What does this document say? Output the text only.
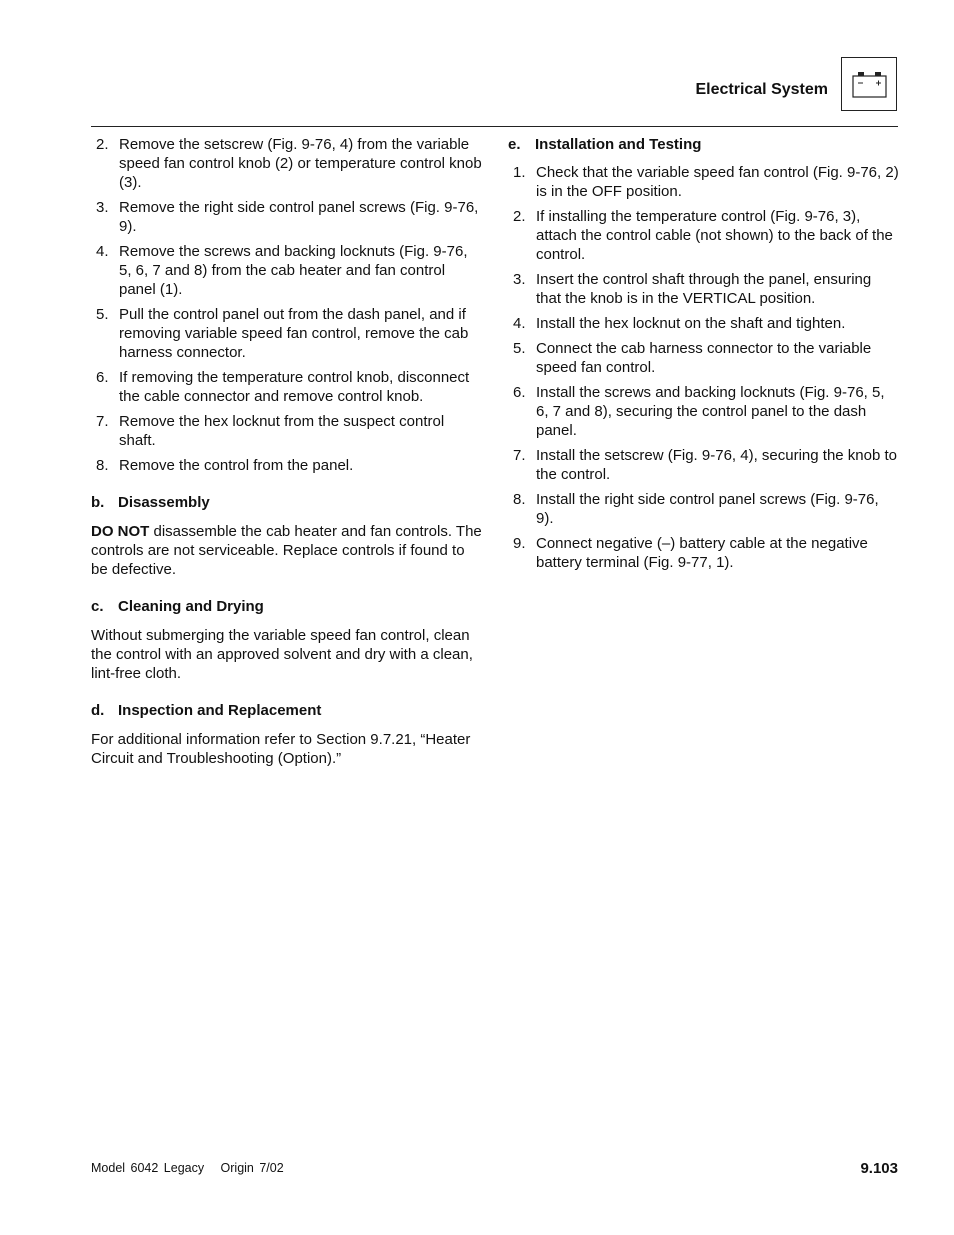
Electrical System
2. Remove the setscrew (Fig. 9-76, 4) from the variable speed fan control knob (2) or temperature control knob (3).
3. Remove the right side control panel screws (Fig. 9-76, 9).
4. Remove the screws and backing locknuts (Fig. 9-76, 5, 6, 7 and 8) from the cab heater and fan control panel (1).
5. Pull the control panel out from the dash panel, and if removing variable speed fan control, remove the cab harness connector.
6. If removing the temperature control knob, disconnect the cable connector and remove control knob.
7. Remove the hex locknut from the suspect control shaft.
8. Remove the control from the panel.
b. Disassembly

DO NOT disassemble the cab heater and fan controls. The controls are not serviceable. Replace controls if found to be defective.

c. Cleaning and Drying

Without submerging the variable speed fan control, clean the control with an approved solvent and dry with a clean, lint-free cloth.

d. Inspection and Replacement

For additional information refer to Section 9.7.21, “Heater Circuit and Troubleshooting (Option).”

e. Installation and Testing
1. Check that the variable speed fan control (Fig. 9-76, 2) is in the OFF position.
2. If installing the temperature control (Fig. 9-76, 3), attach the control cable (not shown) to the back of the control.
3. Insert the control shaft through the panel, ensuring that the knob is in the VERTICAL position.
4. Install the hex locknut on the shaft and tighten.
5. Connect the cab harness connector to the variable speed fan control.
6. Install the screws and backing locknuts (Fig. 9-76, 5, 6, 7 and 8), securing the control panel to the dash panel.
7. Install the setscrew (Fig. 9-76, 4), securing the knob to the control.
8. Install the right side control panel screws (Fig. 9-76, 9).
9. Connect negative (–) battery cable at the negative battery terminal (Fig. 9-77, 1).
Model 6042 Legacy   Origin 7/02	9.103
